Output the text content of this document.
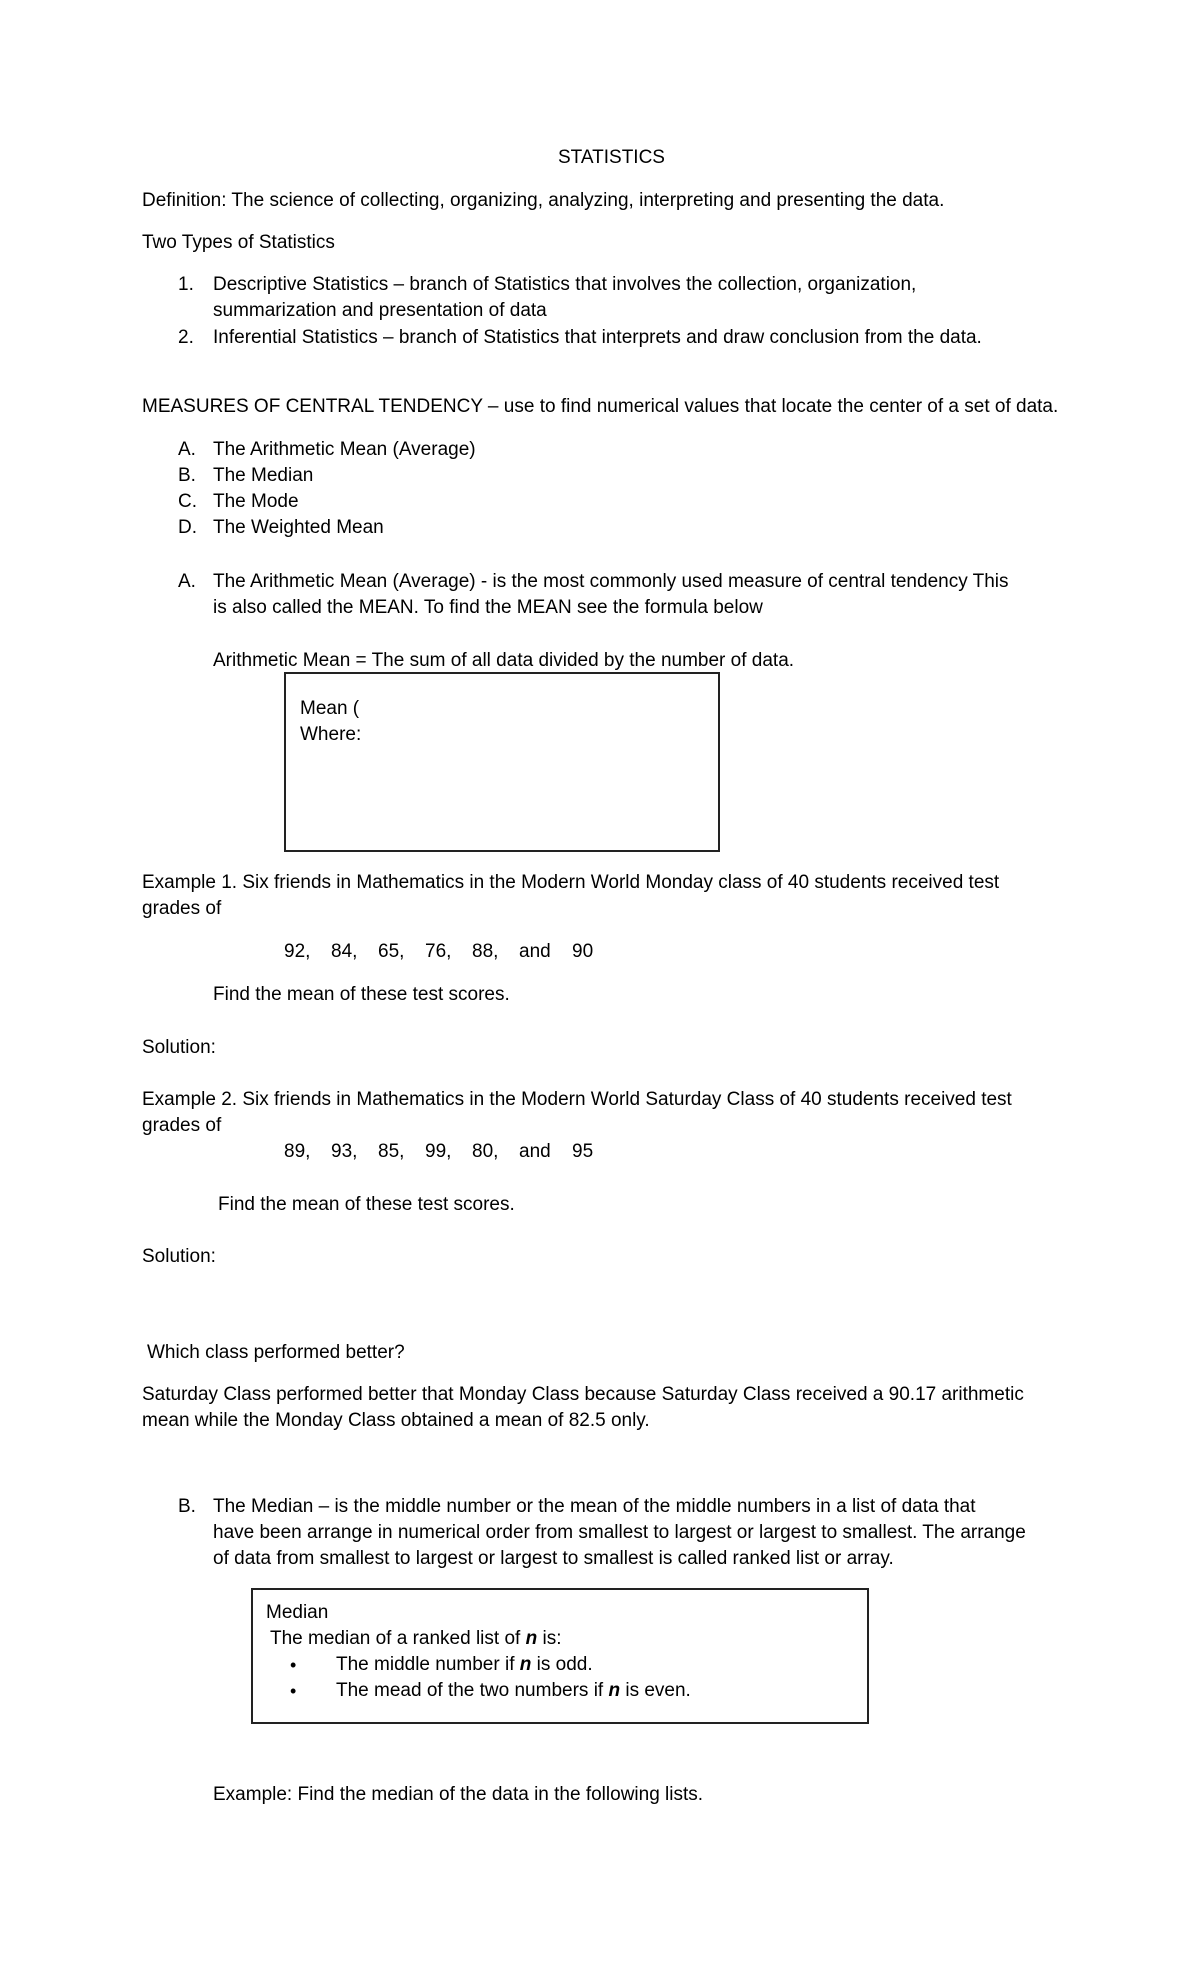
STATISTICS

Definition: The science of collecting, organizing, analyzing, interpreting and presenting the data.

Two Types of Statistics

1. Descriptive Statistics – branch of Statistics that involves the collection, organization,

summarization and presentation of data

2. Inferential Statistics – branch of Statistics that interprets and draw conclusion from the data.

MEASURES OF CENTRAL TENDENCY – use to find numerical values that locate the center of a set of data.

A. The Arithmetic Mean (Average)

B. The Median

C. The Mode

D. The Weighted Mean

A. The Arithmetic Mean (Average) - is the most commonly used measure of central tendency This

is also called the MEAN. To find the MEAN see the formula below

Arithmetic Mean = The sum of all data divided by the number of data.

Mean (

Where:

Example 1. Six friends in Mathematics in the Modern World Monday class of 40 students received test

grades of

92, 84, 65, 76, 88, and 90

Find the mean of these test scores.

Solution:

Example 2. Six friends in Mathematics in the Modern World Saturday Class of 40 students received test

grades of

89, 93, 85, 99, 80, and 95

Find the mean of these test scores.

Solution:

Which class performed better?

Saturday Class performed better that Monday Class because Saturday Class received a 90.17 arithmetic

mean while the Monday Class obtained a mean of 82.5 only.

B. The Median – is the middle number or the mean of the middle numbers in a list of data that

have been arrange in numerical order from smallest to largest or largest to smallest. The arrange

of data from smallest to largest or largest to smallest is called ranked list or array.

Median

The median of a ranked list of n is:

• The middle number if n is odd.

• The mead of the two numbers if n is even.

Example: Find the median of the data in the following lists.
